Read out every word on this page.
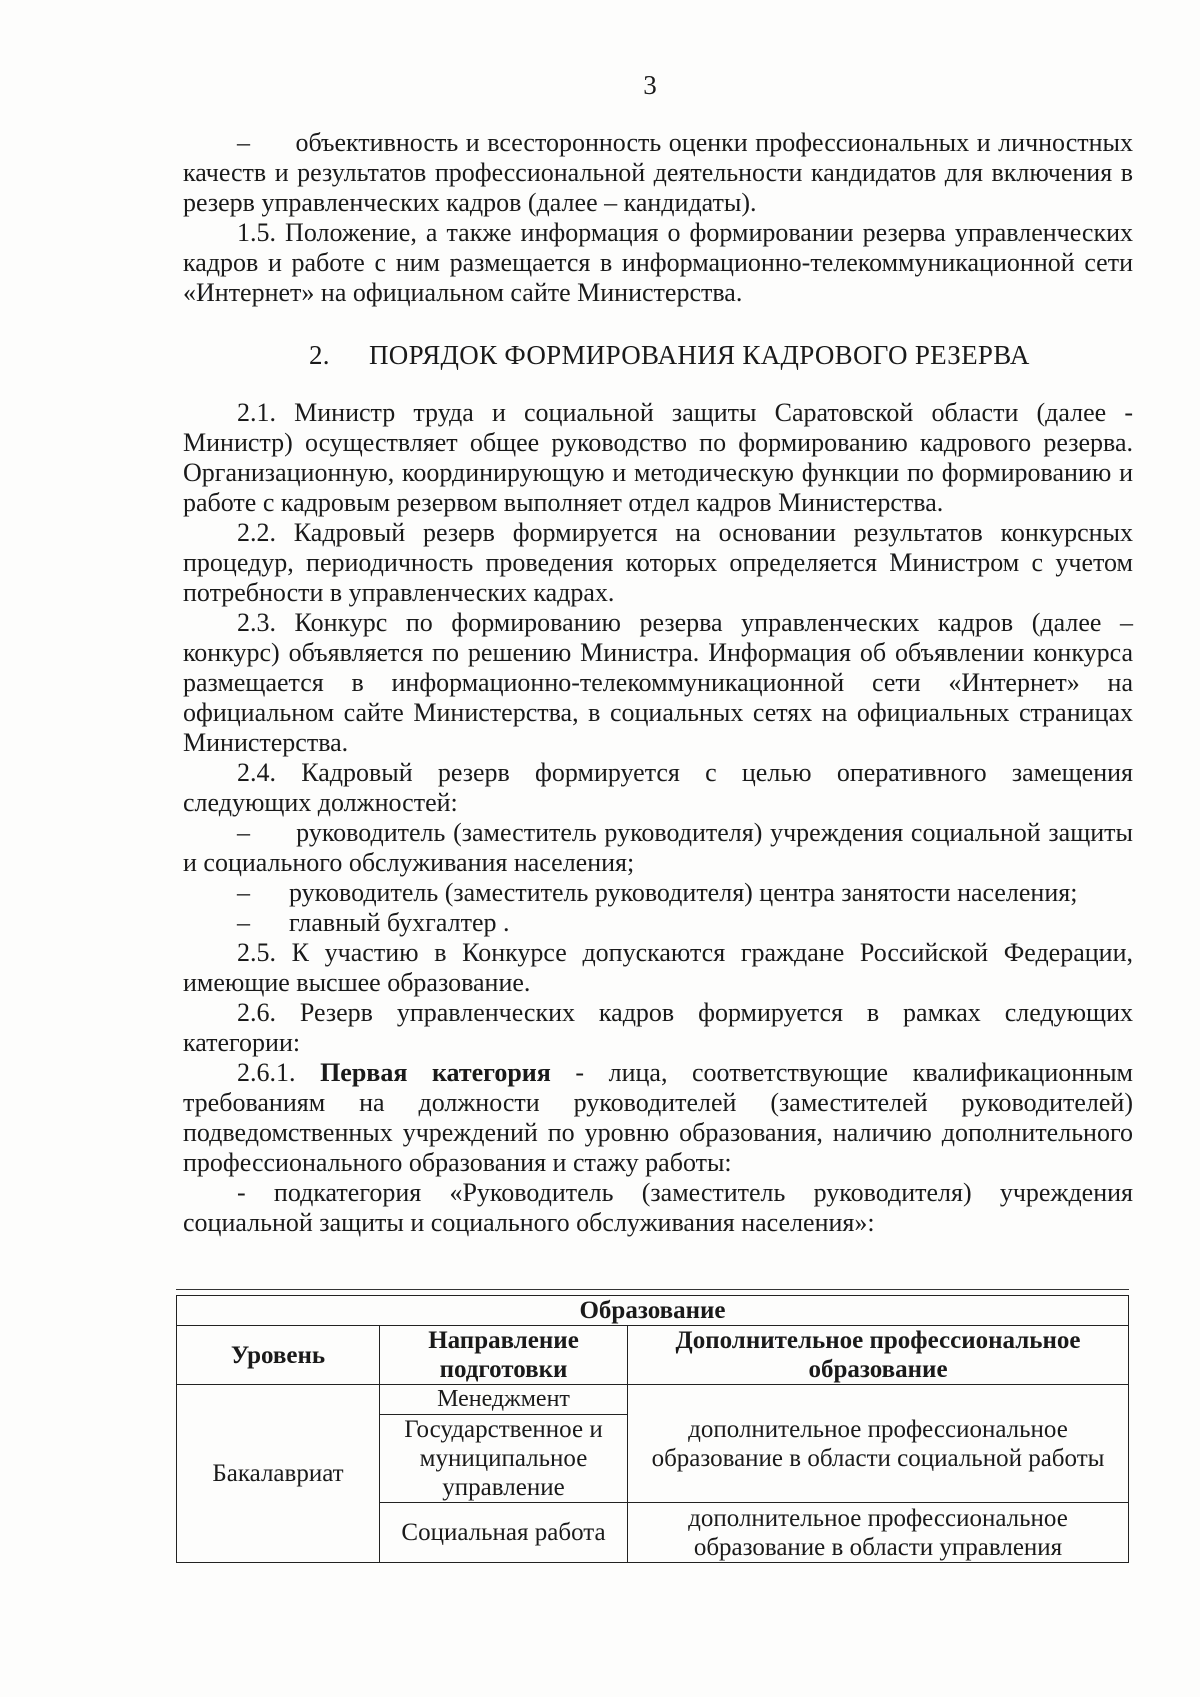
3

–      объективность и всесторонность оценки профессиональных и личностных качеств и результатов профессиональной деятельности кандидатов для включения в резерв управленческих кадров (далее – кандидаты).

1.5. Положение, а также информация о формировании резерва управленческих кадров и работе с ним размещается в информационно-телекоммуникационной сети «Интернет» на официальном сайте Министерства.

2. ПОРЯДОК ФОРМИРОВАНИЯ КАДРОВОГО РЕЗЕРВА

2.1. Министр труда и социальной защиты Саратовской области (далее - Министр) осуществляет общее руководство по формированию кадрового резерва. Организационную, координирующую и методическую функции по формированию и работе с кадровым резервом выполняет отдел кадров Министерства.

2.2. Кадровый резерв формируется на основании результатов конкурсных процедур, периодичность проведения которых определяется Министром с учетом потребности в управленческих кадрах.

2.3. Конкурс по формированию резерва управленческих кадров (далее – конкурс) объявляется по решению Министра. Информация об объявлении конкурса размещается в информационно-телекоммуникационной сети «Интернет» на официальном сайте Министерства, в социальных сетях на официальных страницах Министерства.

2.4. Кадровый резерв формируется с целью оперативного замещения следующих должностей:

–      руководитель (заместитель руководителя) учреждения социальной защиты и социального обслуживания населения;

–      руководитель (заместитель руководителя) центра занятости населения;

–      главный бухгалтер .

2.5. К участию в Конкурсе допускаются граждане Российской Федерации, имеющие высшее образование.

2.6. Резерв управленческих кадров формируется в рамках следующих категории:

2.6.1. Первая категория - лица, соответствующие квалификационным требованиям на должности руководителей (заместителей руководителей) подведомственных учреждений по уровню образования, наличию дополнительного профессионального образования и стажу работы:

- подкатегория «Руководитель (заместитель руководителя) учреждения социальной защиты и социального обслуживания населения»:

Образование		
Уровень	Направление подготовки	Дополнительное профессиональное образование
Бакалавриат	Менеджмент	дополнительное профессиональное образование в области социальной работы
	Государственное и муниципальное управление	
	Социальная работа	дополнительное профессиональное образование в области управления
